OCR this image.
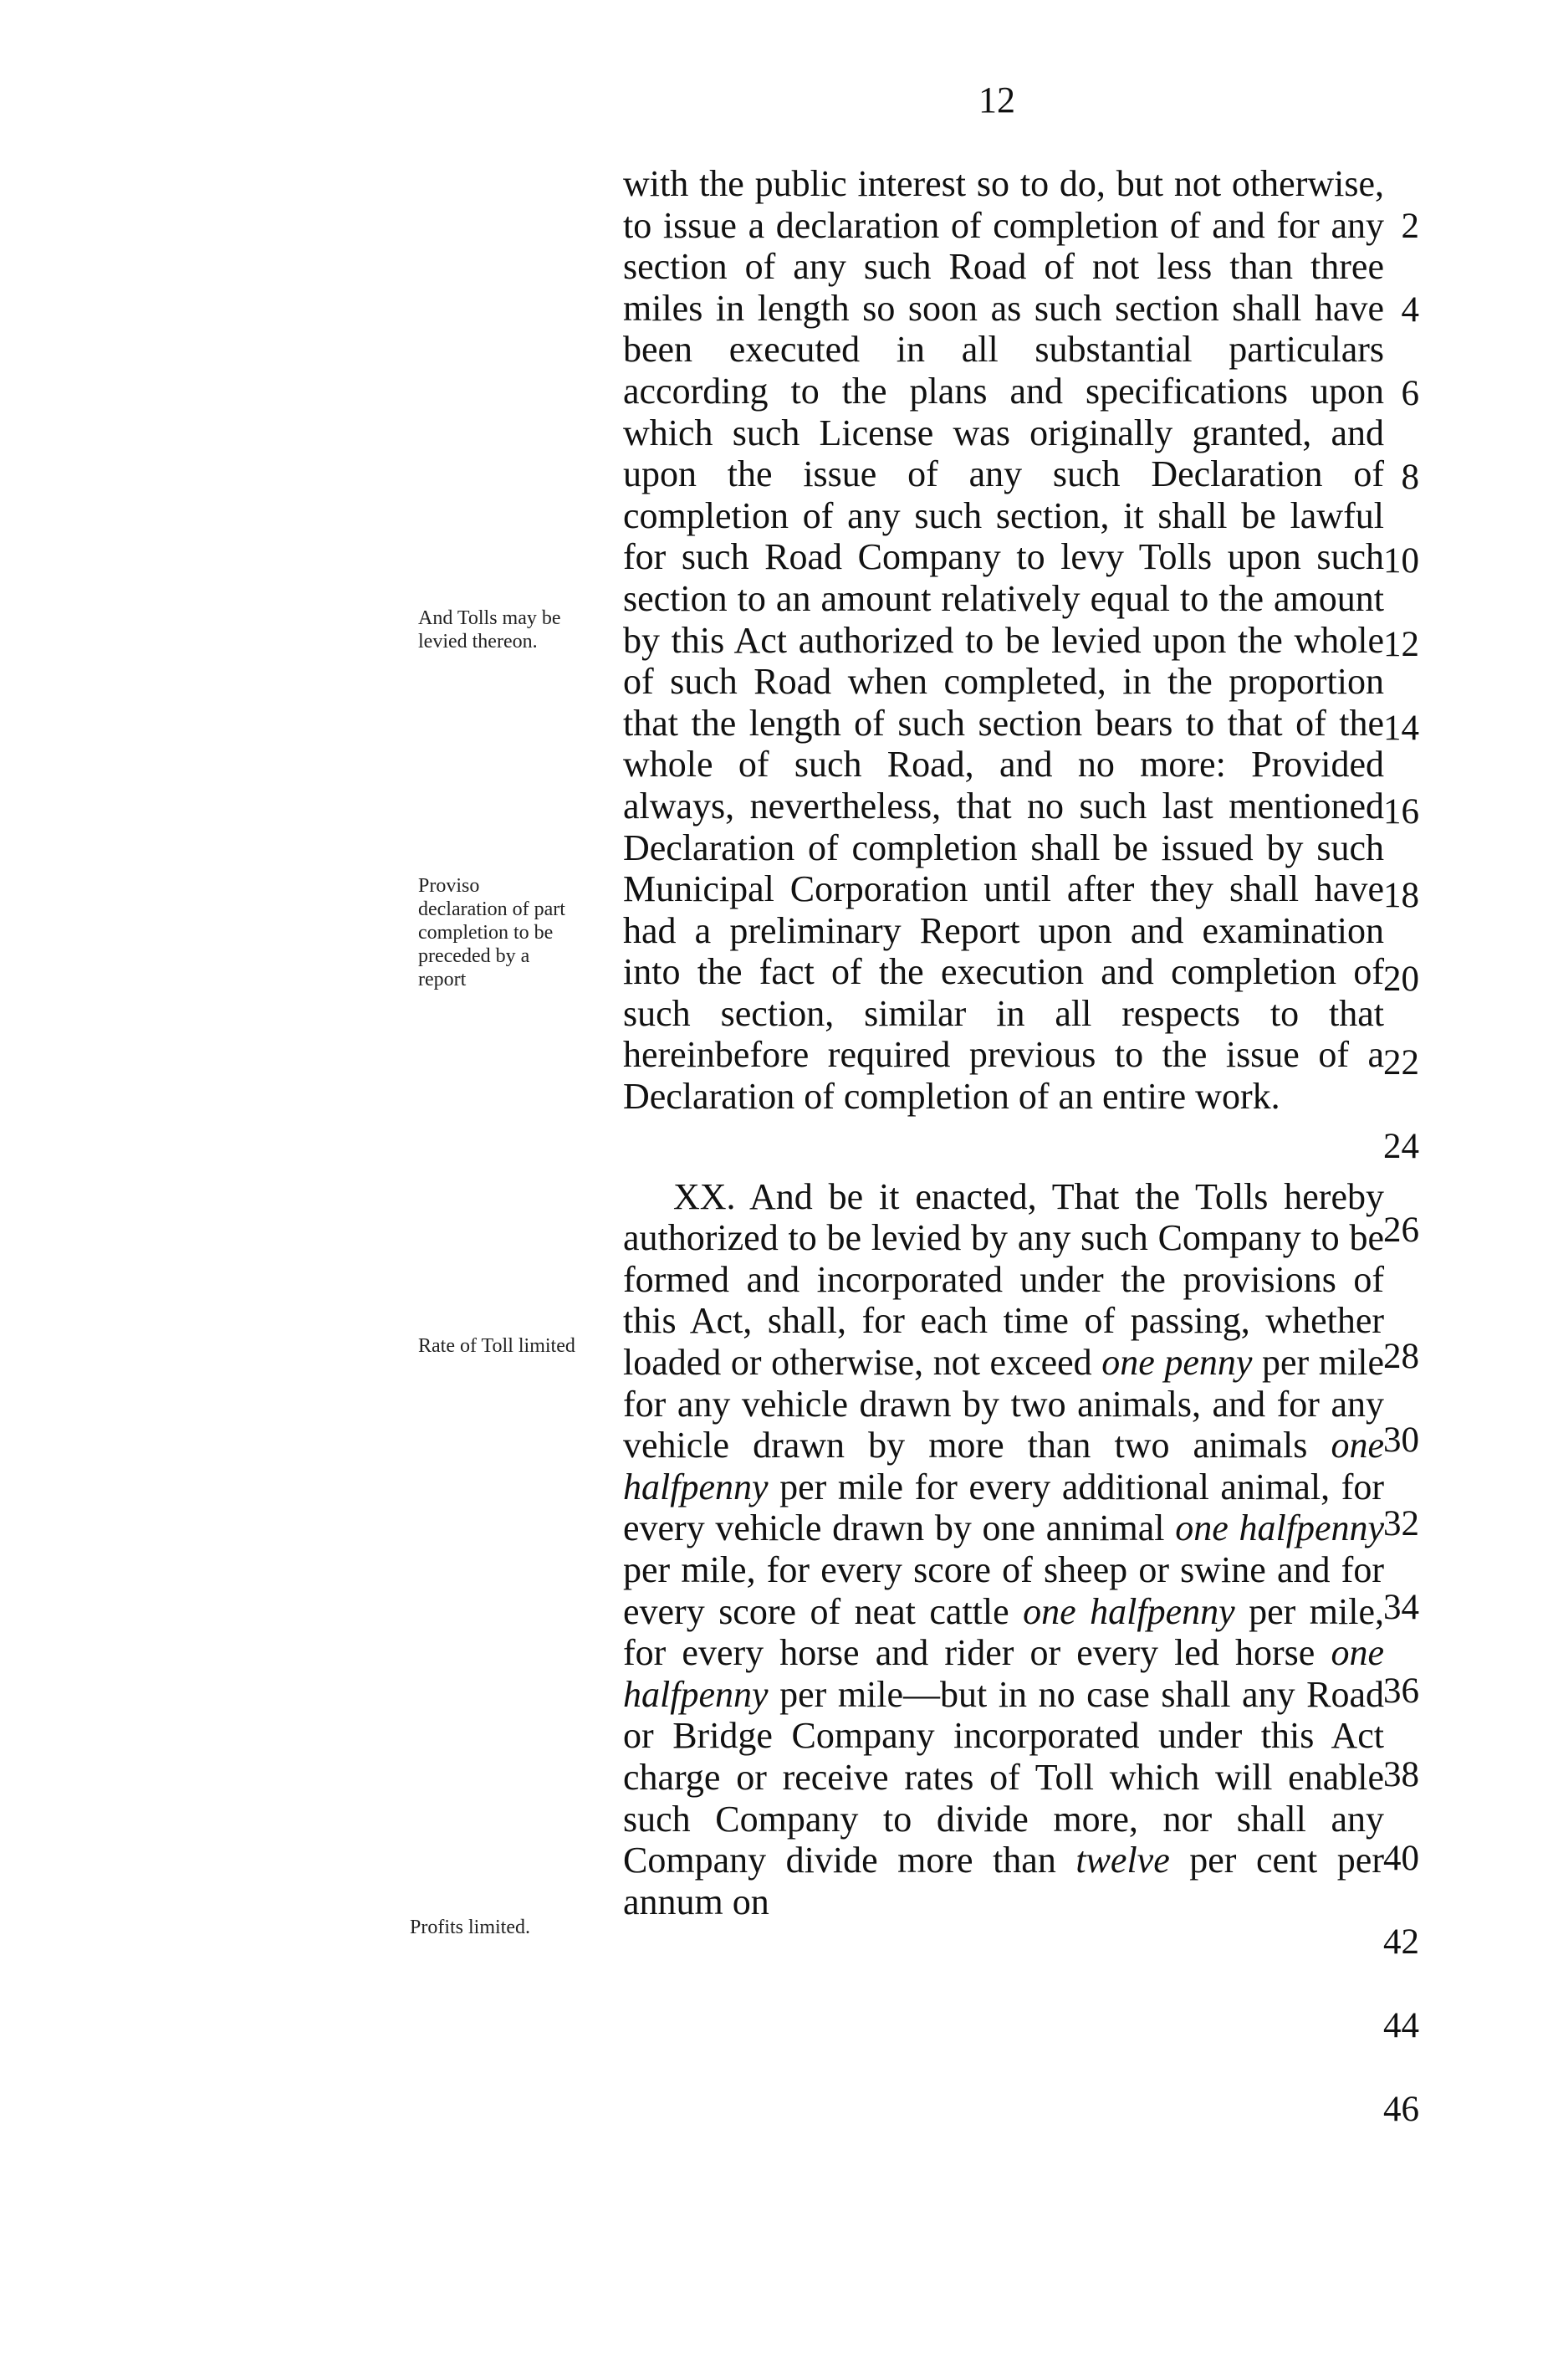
12

with the public interest so to do, but not otherwise, to issue a declaration of completion of and for any section of any such Road of not less than three miles in length so soon as such section shall have been executed in all substantial particulars according to the plans and specifications upon which such License was originally granted, and upon the issue of any such Declaration of completion of any such section, it shall be lawful for such Road Company to levy Tolls upon such section to an amount relatively equal to the amount by this Act authorized to be levied upon the whole of such Road when completed, in the proportion that the length of such section bears to that of the whole of such Road, and no more: Provided always, nevertheless, that no such last mentioned Declaration of completion shall be issued by such Municipal Corporation until after they shall have had a preliminary Report upon and examination into the fact of the execution and completion of such section, similar in all respects to that hereinbefore required previous to the issue of a Declaration of completion of an entire work.

XX. And be it enacted, That the Tolls hereby authorized to be levied by any such Company to be formed and incorporated under the provisions of this Act, shall, for each time of passing, whether loaded or otherwise, not exceed one penny per mile for any vehicle drawn by two animals, and for any vehicle drawn by more than two animals one halfpenny per mile for every additional animal, for every vehicle drawn by one annimal one halfpenny per mile, for every score of sheep or swine and for every score of neat cattle one halfpenny per mile, for every horse and rider or every led horse one halfpenny per mile—but in no case shall any Road or Bridge Company incorporated under this Act charge or receive rates of Toll which will enable such Company to divide more, nor shall any Company divide more than twelve per cent per annum on

2
4
6
8
10
12
14
16
18
20
22
24
26
28
30
32
34
36
38
40
42
44
46
And Tolls may be levied thereon.
Proviso declaration of part completion to be preceded by a report
Rate of Toll limited
Profits limited.
